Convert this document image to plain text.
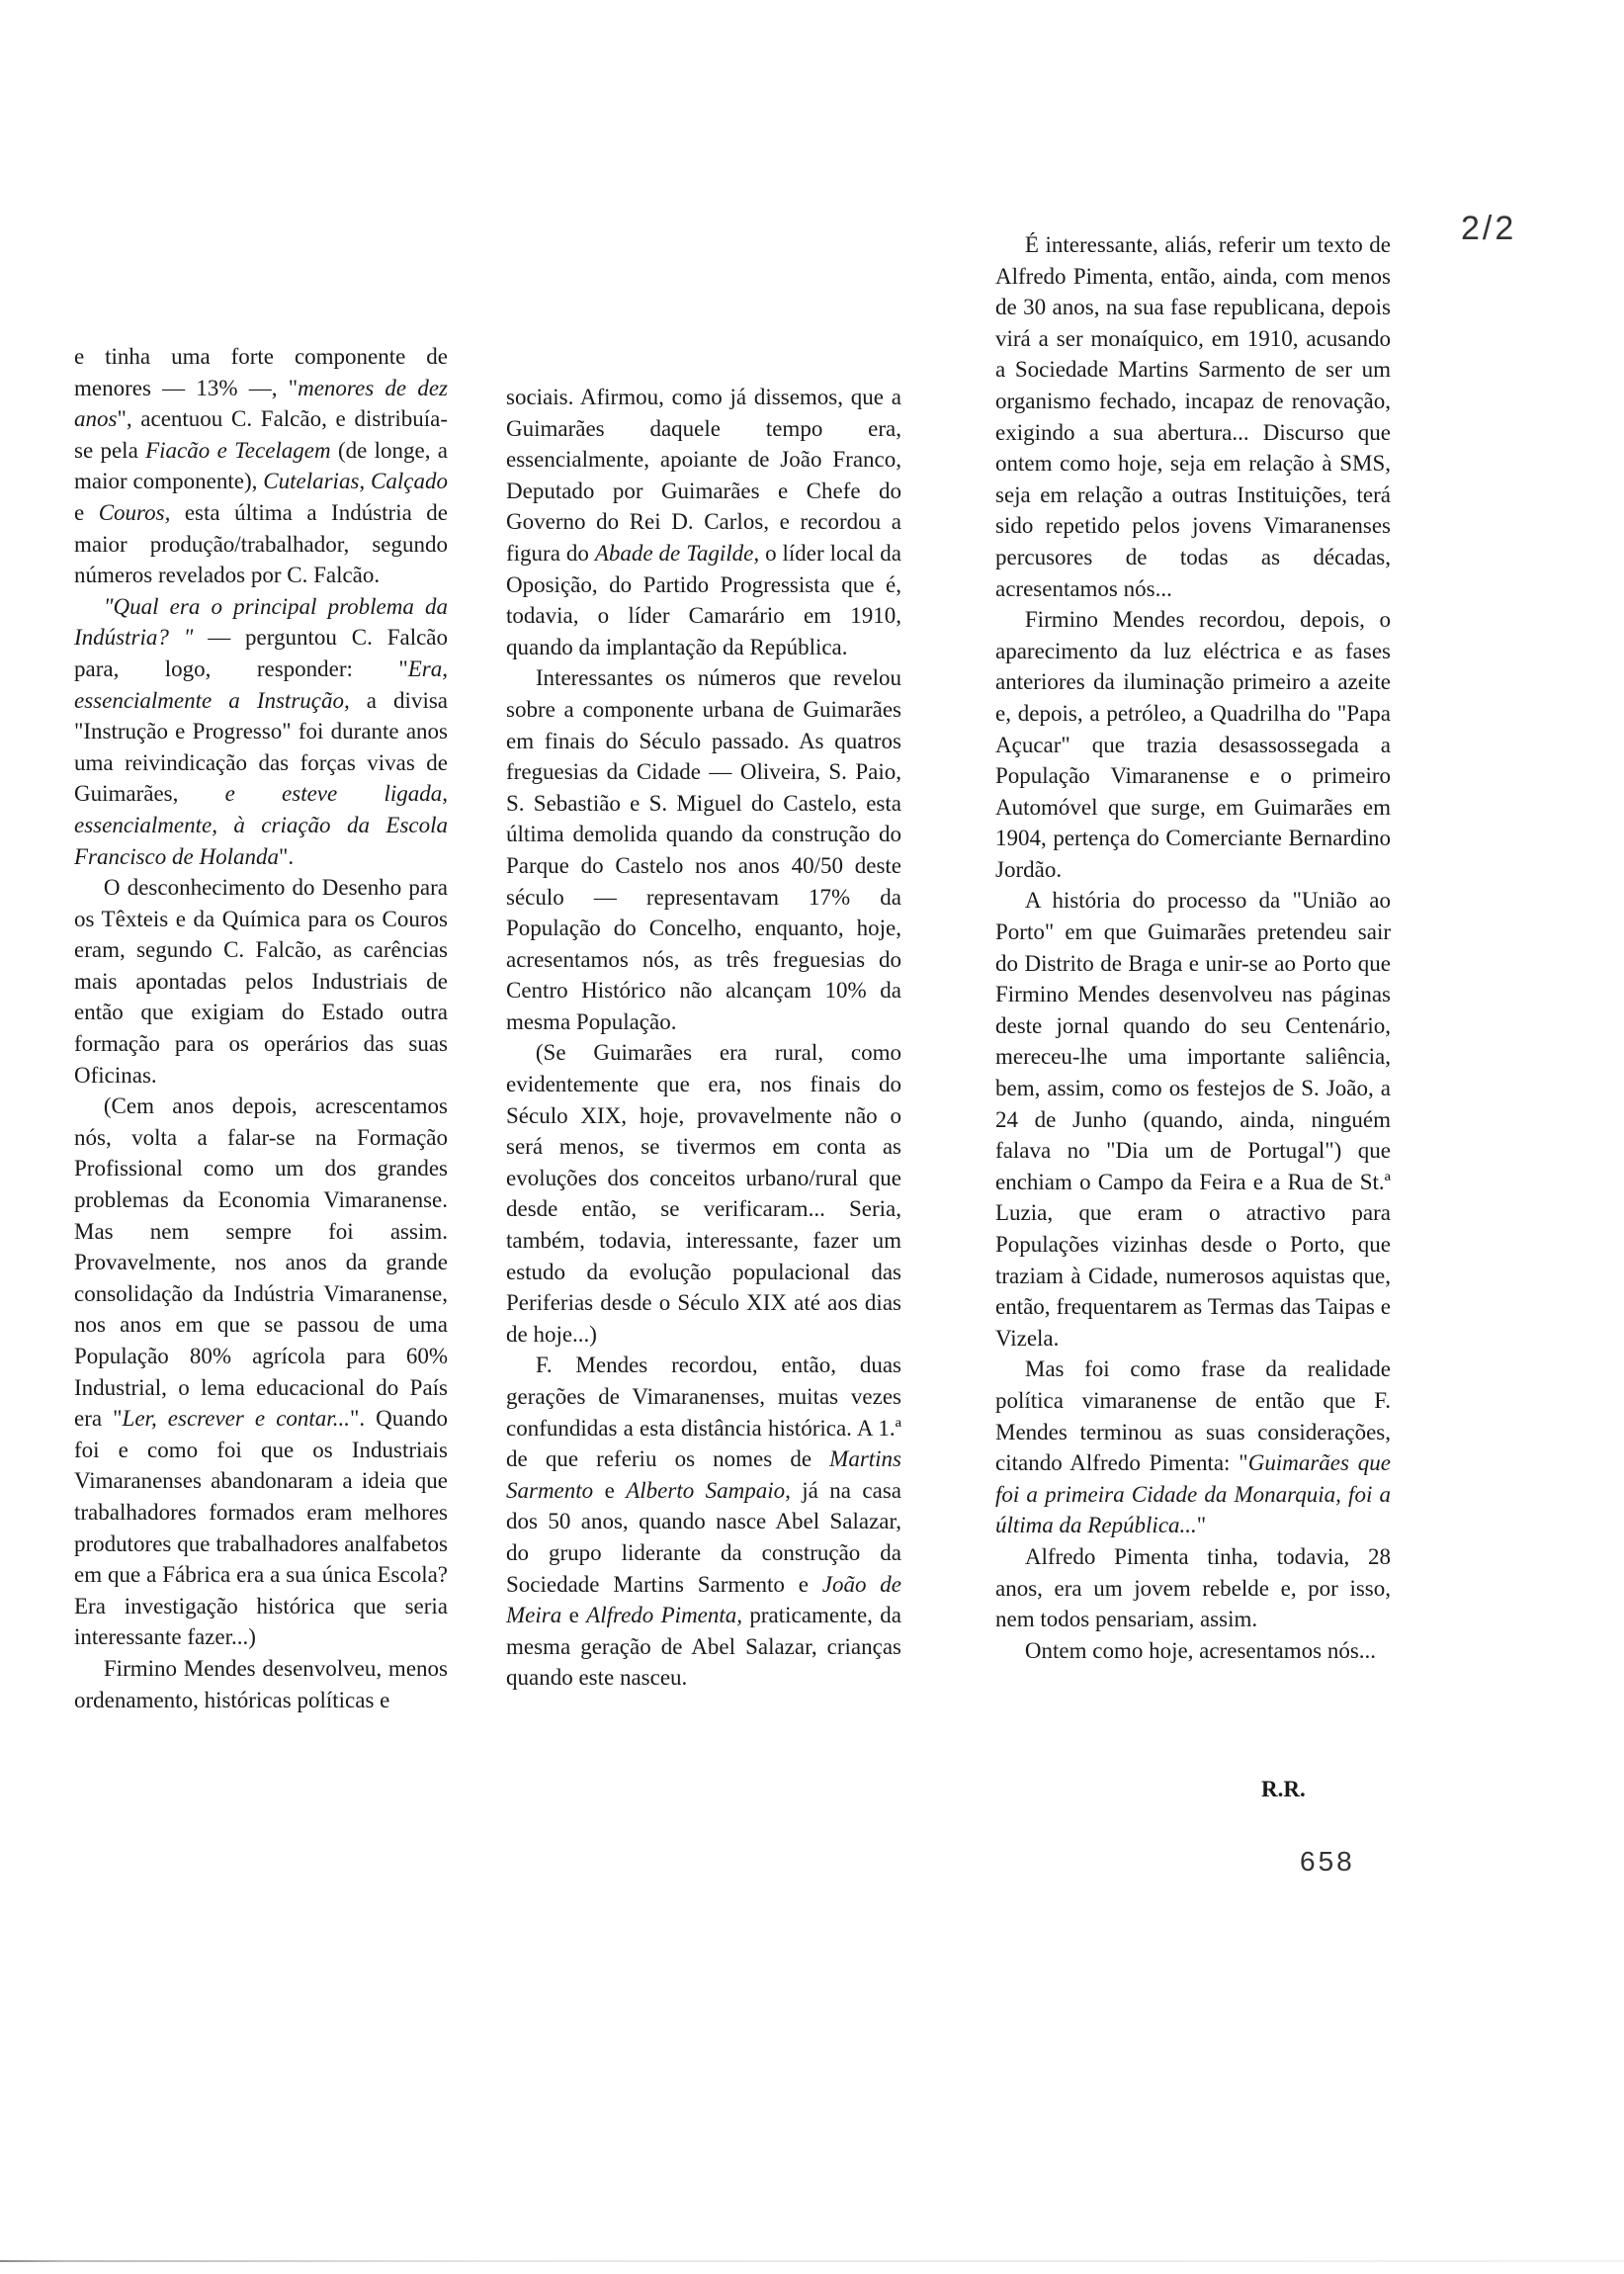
2/2

e tinha uma forte componente de menores — 13% —, "menores de dez anos", acentuou C. Falcão, e distribuía-se pela Fiacão e Tecelagem (de longe, a maior componente), Cutelarias, Calçado e Couros, esta última a Indústria de maior produção/trabalhador, segundo números revelados por C. Falcão.

"Qual era o principal problema da Indústria? " — perguntou C. Falcão para, logo, responder: "Era, essencialmente a Instrução, a divisa "Instrução e Progresso" foi durante anos uma reivindicação das forças vivas de Guimarães, e esteve ligada, essencialmente, à criação da Escola Francisco de Holanda".

O desconhecimento do Desenho para os Têxteis e da Química para os Couros eram, segundo C. Falcão, as carências mais apontadas pelos Industriais de então que exigiam do Estado outra formação para os operários das suas Oficinas.

(Cem anos depois, acrescentamos nós, volta a falar-se na Formação Profissional como um dos grandes problemas da Economia Vimaranense. Mas nem sempre foi assim. Provavelmente, nos anos da grande consolidação da Indústria Vimaranense, nos anos em que se passou de uma População 80% agrícola para 60% Industrial, o lema educacional do País era "Ler, escrever e contar...". Quando foi e como foi que os Industriais Vimaranenses abandonaram a ideia que trabalhadores formados eram melhores produtores que trabalhadores analfabetos em que a Fábrica era a sua única Escola? Era investigação histórica que seria interessante fazer...)

Firmino Mendes desenvolveu, menos ordenamento, históricas políticas e

sociais. Afirmou, como já dissemos, que a Guimarães daquele tempo era, essencialmente, apoiante de João Franco, Deputado por Guimarães e Chefe do Governo do Rei D. Carlos, e recordou a figura do Abade de Tagilde, o líder local da Oposição, do Partido Progressista que é, todavia, o líder Camarário em 1910, quando da implantação da República.

Interessantes os números que revelou sobre a componente urbana de Guimarães em finais do Século passado. As quatros freguesias da Cidade — Oliveira, S. Paio, S. Sebastião e S. Miguel do Castelo, esta última demolida quando da construção do Parque do Castelo nos anos 40/50 deste século — representavam 17% da População do Concelho, enquanto, hoje, acresentamos nós, as três freguesias do Centro Histórico não alcançam 10% da mesma População.

(Se Guimarães era rural, como evidentemente que era, nos finais do Século XIX, hoje, provavelmente não o será menos, se tivermos em conta as evoluções dos conceitos urbano/rural que desde então, se verificaram... Seria, também, todavia, interessante, fazer um estudo da evolução populacional das Periferias desde o Século XIX até aos dias de hoje...)

F. Mendes recordou, então, duas gerações de Vimaranenses, muitas vezes confundidas a esta distância histórica. A 1.ª de que referiu os nomes de Martins Sarmento e Alberto Sampaio, já na casa dos 50 anos, quando nasce Abel Salazar, do grupo liderante da construção da Sociedade Martins Sarmento e João de Meira e Alfredo Pimenta, praticamente, da mesma geração de Abel Salazar, crianças quando este nasceu.

É interessante, aliás, referir um texto de Alfredo Pimenta, então, ainda, com menos de 30 anos, na sua fase republicana, depois virá a ser monaíquico, em 1910, acusando a Sociedade Martins Sarmento de ser um organismo fechado, incapaz de renovação, exigindo a sua abertura... Discurso que ontem como hoje, seja em relação à SMS, seja em relação a outras Instituições, terá sido repetido pelos jovens Vimaranenses percusores de todas as décadas, acresentamos nós...

Firmino Mendes recordou, depois, o aparecimento da luz eléctrica e as fases anteriores da iluminação primeiro a azeite e, depois, a petróleo, a Quadrilha do "Papa Açucar" que trazia desassossegada a População Vimaranense e o primeiro Automóvel que surge, em Guimarães em 1904, pertença do Comerciante Bernardino Jordão.

A história do processo da "União ao Porto" em que Guimarães pretendeu sair do Distrito de Braga e unir-se ao Porto que Firmino Mendes desenvolveu nas páginas deste jornal quando do seu Centenário, mereceu-lhe uma importante saliência, bem, assim, como os festejos de S. João, a 24 de Junho (quando, ainda, ninguém falava no "Dia um de Portugal") que enchiam o Campo da Feira e a Rua de St.ª Luzia, que eram o atractivo para Populações vizinhas desde o Porto, que traziam à Cidade, numerosos aquistas que, então, frequentarem as Termas das Taipas e Vizela.

Mas foi como frase da realidade política vimaranense de então que F. Mendes terminou as suas considerações, citando Alfredo Pimenta: "Guimarães que foi a primeira Cidade da Monarquia, foi a última da República..."

Alfredo Pimenta tinha, todavia, 28 anos, era um jovem rebelde e, por isso, nem todos pensariam, assim.

Ontem como hoje, acresentamos nós...

R.R.
658
